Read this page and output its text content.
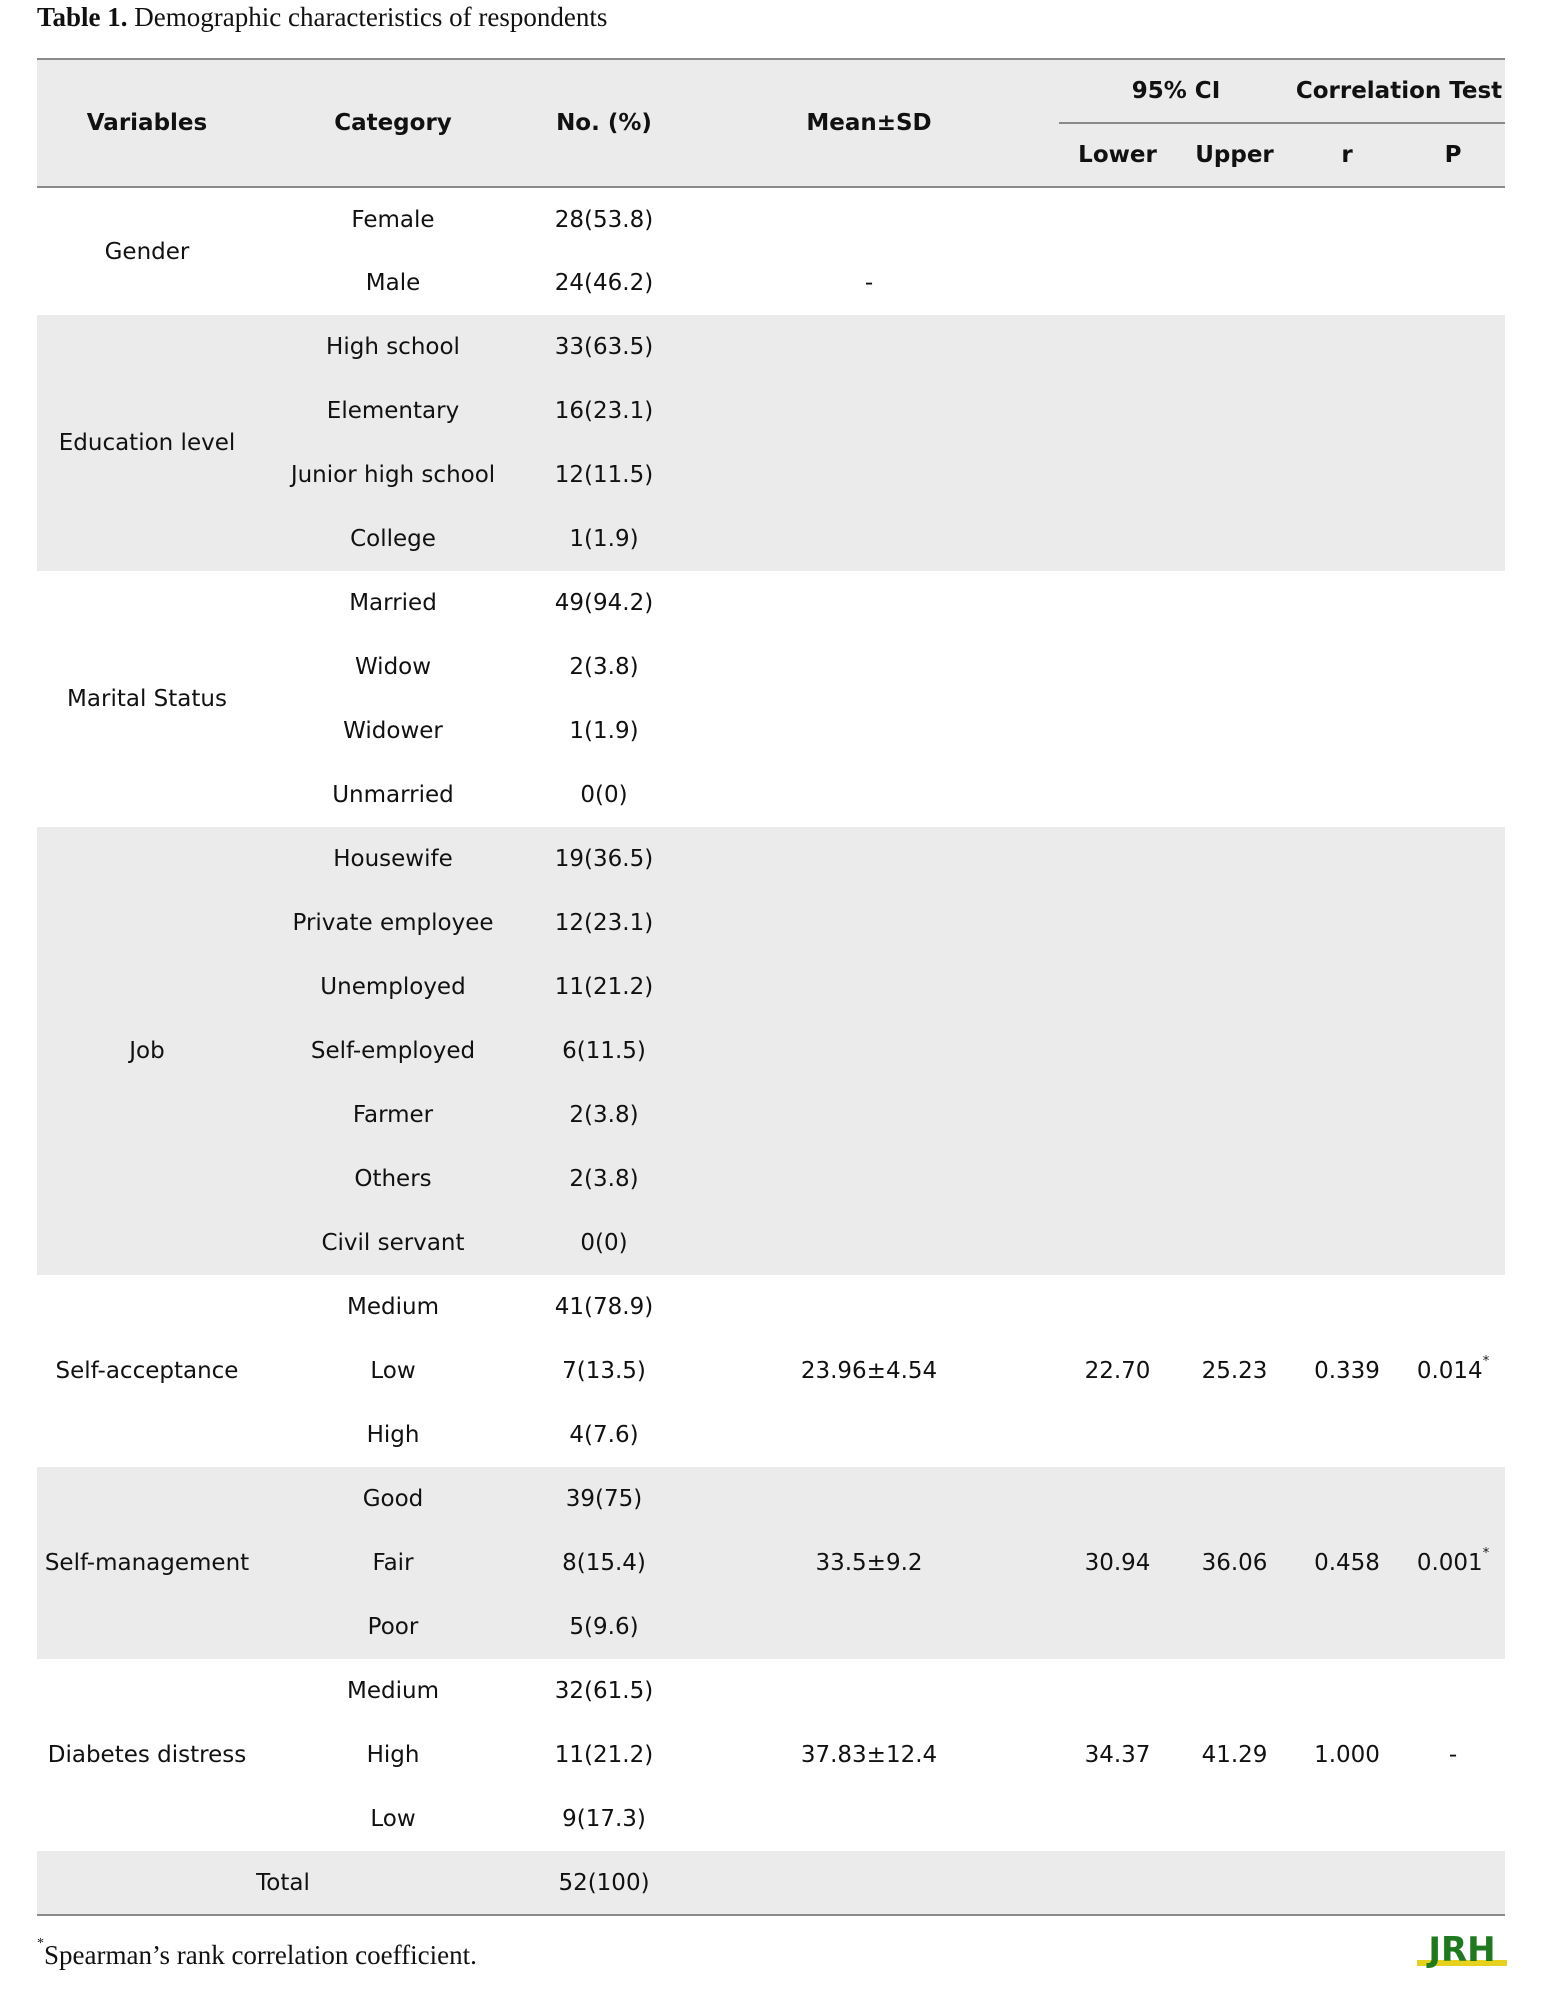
Table 1. Demographic characteristics of respondents
Variables	Category	No. (%)	Mean±SD	95% CI		Correlation Test	
				Lower	Upper	r	P
Gender	Female	28(53.8)					
	Male	24(46.2)	-				
Education level	High school	33(63.5)					
	Elementary	16(23.1)					
	Junior high school	12(11.5)					
	College	1(1.9)					
Marital Status	Married	49(94.2)					
	Widow	2(3.8)					
	Widower	1(1.9)					
	Unmarried	0(0)					
Job	Housewife	19(36.5)					
	Private employee	12(23.1)					
	Unemployed	11(21.2)					
	Self-employed	6(11.5)					
	Farmer	2(3.8)					
	Others	2(3.8)					
	Civil servant	0(0)					
Self-acceptance	Medium	41(78.9)	23.96±4.54	22.70	25.23	0.339	0.014*
	Low	7(13.5)					
	High	4(7.6)					
Self-management	Good	39(75)	33.5±9.2	30.94	36.06	0.458	0.001*
	Fair	8(15.4)					
	Poor	5(9.6)					
Diabetes distress	Medium	32(61.5)	37.83±12.4	34.37	41.29	1.000	-
	High	11(21.2)					
	Low	9(17.3)					
Total		52(100)					
*Spearman’s rank correlation coefficient.	JRH
